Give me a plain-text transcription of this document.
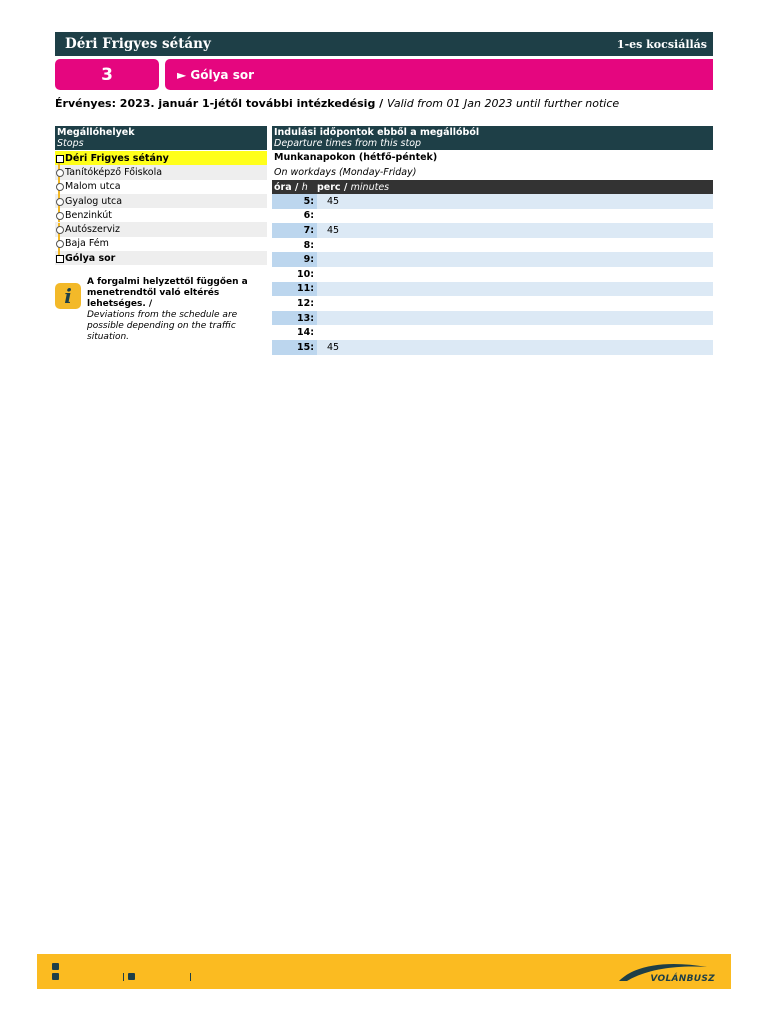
Déri Frigyes sétány	1-es kocsiállás
3	► Gólya sor
Érvényes: 2023. január 1-jétől további intézkedésig / Valid from 01 Jan 2023 until further notice
Megállóhelyek
Stops
Déri Frigyes sétány
Tanítóképző Főiskola
Malom utca
Gyalog utca
Benzinkút
Autószerviz
Baja Fém
Gólya sor
i
A forgalmi helyzettől függően a menetrendtől való eltérés lehetséges. /
Deviations from the schedule are possible depending on the traffic situation.
Indulási időpontok ebből a megállóból
Departure times from this stop
Munkanapokon (hétfő-péntek)
On workdays (Monday-Friday)
óra / h perc / minutes
5:	45
6:
7:	45
8:
9:
10:
11:
12:
13:
14:
15:	45
VOLÁNBUSZ
